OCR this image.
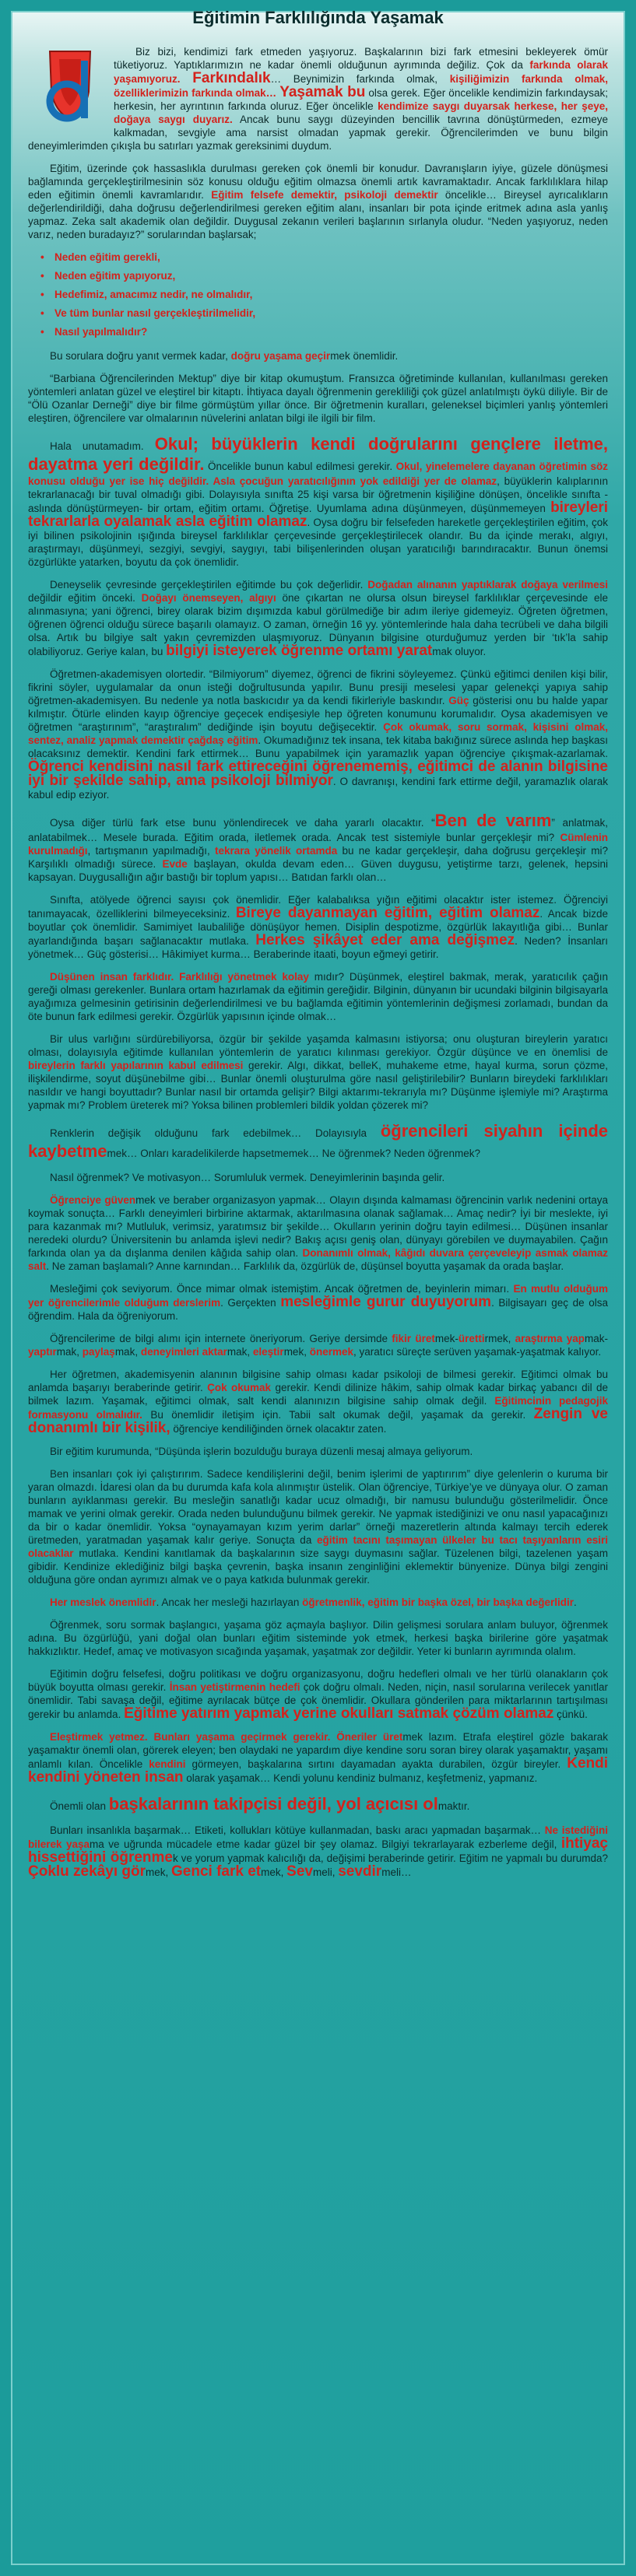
Eğitimin Farklılığında Yaşamak

Biz bizi, kendimizi fark etmeden yaşıyoruz. Başkalarının bizi fark etmesini bekleyerek ömür tüketiyoruz. Yaptıklarımızın ne kadar önemli olduğunun ayrımında değiliz. Çok da farkında olarak yaşamıyoruz. Farkındalık… Beynimizin farkında olmak, kişiliğimizin farkında olmak, özelliklerimizin farkında olmak… Yaşamak bu olsa gerek. Eğer öncelikle kendimizin farkındaysak; herkesin, her ayrıntının farkında oluruz. Eğer öncelikle kendimize saygı duyarsak herkese, her şeye, doğaya saygı duyarız. Ancak bunu saygı düzeyinden bencillik tavrına dönüştürmeden, ezmeye kalkmadan, sevgiyle ama narsist olmadan yapmak gerekir. Öğrencilerimden ve bunu bilgin deneyimlerimden çıkışla bu satırları yazmak gereksinimi duydum.

Eğitim, üzerinde çok hassaslıkla durulması gereken çok önemli bir konudur. Davranışların iyiye, güzele dönüşmesi bağlamında gerçekleştirilmesinin söz konusu olduğu eğitim olmazsa önemli artık kavramaktadır. Ancak farklılıklara hilap eden eğitimin önemli kavramlarıdır. Eğitim felsefe demektir, psikoloji demektir öncelikle… Bireysel ayrıcalıkların değerlendirildiği, daha doğrusu değerlendirilmesi gereken eğitim alanı, insanları bir pota içinde eritmek adına asla yanlış yapmaz. Zeka salt akademik olan değildir. Duygusal zekanın verileri başlarının sırlanyla oludur. “Neden yaşıyoruz, neden varız, neden buradayız?” sorularından başlarsak;

• Neden eğitim gerekli,
• Neden eğitim yapıyoruz,
• Hedefimiz, amacımız nedir, ne olmalıdır,
• Ve tüm bunlar nasıl gerçekleştirilmelidir,
• Nasıl yapılmalıdır?

Bu sorulara doğru yanıt vermek kadar, doğru yaşama geçirmek önemlidir.

“Barbiana Öğrencilerinden Mektup” diye bir kitap okumuştum. Fransızca öğretiminde kullanılan, kullanılması gereken yöntemleri anlatan güzel ve eleştirel bir kitaptı. İhtiyaca dayalı öğrenmenin gerekliliği çok güzel anlatılmıştı öykü diliyle. Bir de “Ölü Ozanlar Derneği” diye bir filme görmüştüm yıllar önce. Bir öğretmenin kuralları, geleneksel biçimleri yanlış yöntemleri eleştiren, öğrencilere var olmalarının nüvelerini anlatan bilgi ile ilgili bir film.

Hala unutamadım. Okul; büyüklerin kendi doğrularını gençlere iletme, dayatma yeri değildir. Öncelikle bunun kabul edilmesi gerekir. Okul, yinelemelere dayanan öğretimin söz konusu olduğu yer ise hiç değildir. Asla çocuğun yaratıcılığının yok edildiği yer de olamaz, büyüklerin kalıplarının tekrarlanacağı bir tuval olmadığı gibi. Dolayısıyla sınıfta 25 kişi varsa bir öğretmenin kişiliğine dönüşen, öncelikle sınıfta -aslında dönüştürmeyen- bir ortam, eğitim ortamı. Öğretişe. Uyumlama adına düşünmeyen, düşünmemeyen bireyleri tekrarlarla oyalamak asla eğitim olamaz. Oysa doğru bir felsefeden hareketle gerçekleştirilen eğitim, çok iyi bilinen psikolojinin ışığında bireysel farklılıklar çerçevesinde gerçekleştirilecek olandır. Bu da içinde merakı, algıyı, araştırmayı, düşünmeyi, sezgiyi, sevgiyi, saygıyı, tabi bilişenlerinden oluşan yaratıcılığı barındıracaktır. Bunun önemsi özgürlükte yatarken, boyutu da çok önemlidir.

Deneyselik çevresinde gerçekleştirilen eğitimde bu çok değerlidir. Doğadan alınanın yaptıklarak doğaya verilmesi değildir eğitim önceki. Doğayı önemseyen, algıyı öne çıkartan ne olursa olsun bireysel farklılıklar çerçevesinde ele alınmasıyna; yani öğrenci, birey olarak bizim dışımızda kabul görülmediğe bir adım ileriye gidemeyiz. Öğreten öğretmen, öğrenen öğrenci olduğu sürece başarılı olamayız. O zaman, örneğin 16 yy. yöntemlerinde hala daha tecrübeli ve daha bilgili olsa. Artık bu bilgiye salt yakın çevremizden ulaşmıyoruz. Dünyanın bilgisine oturduğumuz yerden bir ‘tık’la sahip olabiliyoruz. Geriye kalan, bu bilgiyi isteyerek öğrenme ortamı yaratmak oluyor.

Öğretmen-akademisyen olortedir. “Bilmiyorum” diyemez, öğrenci de fikrini söyleyemez. Çünkü eğitimci denilen kişi bilir, fikrini söyler, uygulamalar da onun isteği doğrultusunda yapılır. Bunu presiji meselesi yapar gelenekçi yapıya sahip öğretmen-akademisyen. Bu nedenle ya notla baskıcıdır ya da kendi fikirleriyle baskındır. Güç gösterisi onu bu halde yapar kılmıştır. Ötürle elinden kayıp öğrenciye geçecek endişesiyle hep öğreten konumunu korumalıdır. Oysa akademisyen ve öğretmen “araştırınım”, “araştıralım” dediğinde işin boyutu değişecektir. Çok okumak, soru sormak, kişisini olmak, sentez, analiz yapmak demektir çağdaş eğitim. Okumadığınız tek insana, tek kitaba bakığınız sürece aslında hep başkası olacaksınız demektir. Kendini fark ettirmek… Bunu yapabilmek için yaramazlık yapan öğrenciye çıkışmak-azarlamak. Öğrenci kendisini nasıl fark ettireceğini öğrenememiş, eğitimci de alanın bilgisine iyi bir şekilde sahip, ama psikoloji bilmiyor. O davranışı, kendini fark ettirme değil, yaramazlık olarak kabul edip eziyor.

Oysa diğer türlü fark etse bunu yönlendirecek ve daha yararlı olacaktır. “Ben de varım” anlatmak, anlatabilmek… Mesele burada. Eğitim orada, iletlemek orada. Ancak test sistemiyle bunlar gerçekleşir mi? Cümlenin kurulmadığı, tartışmanın yapılmadığı, tekrara yönelik ortamda bu ne kadar gerçekleşir, daha doğrusu gerçekleşir mi? Karşılıklı olmadığı sürece. Evde başlayan, okulda devam eden… Güven duygusu, yetiştirme tarzı, gelenek, hepsini kapsayan. Duygusallığın ağır bastığı bir toplum yapısı… Batıdan farklı olan…

Sınıfta, atölyede öğrenci sayısı çok önemlidir. Eğer kalabalıksa yığın eğitimi olacaktır ister istemez. Öğrenciyi tanımayacak, özelliklerini bilmeyeceksiniz. Bireye dayanmayan eğitim, eğitim olamaz. Ancak bizde boyutlar çok önemlidir. Samimiyet laubaliliğe dönüşüyor hemen. Disiplin despotizme, özgürlük lakayıtlığa gibi… Bunlar ayarlandığında başarı sağlanacaktır mutlaka. Herkes şikâyet eder ama değişmez. Neden? İnsanları yönetmek… Güç gösterisi… Hâkimiyet kurma… Beraberinde itaati, boyun eğmeyi getirir.

Düşünen insan farklıdır. Farklılığı yönetmek kolay mıdır? Düşünmek, eleştirel bakmak, merak, yaratıcılık çağın gereği olması gerekenler. Bunlara ortam hazırlamak da eğitimin gereğidir. Bilginin, dünyanın bir ucundaki bilginin bilgisayarla ayağımıza gelmesinin getirisinin değerlendirilmesi ve bu bağlamda eğitimin yöntemlerinin değişmesi zorlamadı, bundan da öte bunun fark edilmesi gerekir. Özgürlük yapısının içinde olmak…

Bir ulus varlığını sürdürebiliyorsa, özgür bir şekilde yaşamda kalmasını istiyorsa; onu oluşturan bireylerin yaratıcı olması, dolayısıyla eğitimde kullanılan yöntemlerin de yaratıcı kılınması gerekiyor. Özgür düşünce ve en önemlisi de bireylerin farklı yapılarının kabul edilmesi gerekir. Algı, dikkat, belleK, muhakeme etme, hayal kurma, sorun çözme, ilişkilendirme, soyut düşünebilme gibi… Bunlar önemli oluşturulma göre nasıl geliştirilebilir? Bunların bireydeki farklılıkları nasıldır ve hangi boyuttadır? Bunlar nasıl bir ortamda gelişir? Bilgi aktarımı-tekrarıyla mı? Düşünme işlemiyle mi? Araştırma yapmak mı? Problem üreterek mi? Yoksa bilinen problemleri bildik yoldan çözerek mi?

Renklerin değişik olduğunu fark edebilmek… Dolayısıyla öğrencileri siyahın içinde kaybetmemek… Onları karadelikilerde hapsetmemek… Ne öğrenmek? Neden öğrenmek?

Nasıl öğrenmek? Ve motivasyon… Sorumluluk vermek. Deneyimlerinin başında gelir.

Öğrenciye güvenmek ve beraber organizasyon yapmak… Olayın dışında kalmaması öğrencinin varlık nedenini ortaya koymak sonuçta… Farklı deneyimleri birbirine aktarmak, aktarılmasına olanak sağlamak… Amaç nedir? İyi bir meslekte, iyi para kazanmak mı? Mutluluk, verimsiz, yaratımsız bir şekilde… Okulların yerinin doğru tayin edilmesi… Düşünen insanlar neredeki olurdu? Üniversitenin bu anlamda işlevi nedir? Bakış açısı geniş olan, dünyayı görebilen ve duymayabilen. Çağın farkında olan ya da dışlanma denilen kâğıda sahip olan. Donanımlı olmak, kâğıdı duvara çerçeveleyip asmak olamaz salt. Ne zaman başlamalı? Anne karnından… Farklılık da, özgürlük de, düşünsel boyutta yaşamak da orada başlar.

Mesleğimi çok seviyorum. Önce mimar olmak istemiştim. Ancak öğretmen de, beyinlerin mimarı. En mutlu olduğum yer öğrencilerimle olduğum derslerim. Gerçekten mesleğimle gurur duyuyorum. Bilgisayarı geç de olsa öğrendim. Hala da öğreniyorum.

Öğrencilerime de bilgi alımı için internete öneriyorum. Geriye dersimde fikir üretmek-ürettirmek, araştırma yapmak-yaptırmak, paylaşmak, deneyimleri aktarmak, eleştirmek, önermek, yaratıcı süreçte serüven yaşamak-yaşatmak kalıyor.

Her öğretmen, akademisyenin alanının bilgisine sahip olması kadar psikoloji de bilmesi gerekir. Eğitimci olmak bu anlamda başarıyı beraberinde getirir. Çok okumak gerekir. Kendi dilinize hâkim, sahip olmak kadar birkaç yabancı dil de bilmek lazım. Yaşamak, eğitimci olmak, salt kendi alanınızın bilgisine sahip olmak değil. Eğitimcinin pedagojik formasyonu olmalıdır. Bu önemlidir iletişim için. Tabii salt okumak değil, yaşamak da gerekir. Zengin ve donanımlı bir kişilik, öğrenciye kendiliğinden örnek olacaktır zaten.

Bir eğitim kurumunda, “Düşünda işlerin bozulduğu buraya düzenli mesaj almaya geliyorum.

Ben insanları çok iyi çalıştırırım. Sadece kendilişlerini değil, benim işlerimi de yaptırırım” diye gelenlerin o kuruma bir yaran olmazdı. İdaresi olan da bu durumda kafa kola alınmıştır üstelik. Olan öğrenciye, Türkiye’ye ve dünyaya olur. O zaman bunların ayıklanması gerekir. Bu mesleğin sanatlığı kadar ucuz olmadığı, bir namusu bulunduğu gösterilmelidir. Önce mamak ve yerini olmak gerekir. Orada neden bulunduğunu bilmek gerekir. Ne yapmak istediğinizi ve onu nasıl yapacağınızı da bir o kadar önemlidir. Yoksa “oynayamayan kızım yerim darlar” örneği mazeretlerin altında kalmayı tercih ederek üretmeden, yaratmadan yaşamak kalır geriye. Sonuçta da eğitim tacını taşımayan ülkeler bu tacı taşıyanların esiri olacaklar mutlaka. Kendini kanıtlamak da başkalarının size saygı duymasını sağlar. Tüzelenen bilgi, tazelenen yaşam gibidir. Kendinize eklediğiniz bilgi başka çevrenin, başka insanın zenginliğini eklemektir bünyenize. Dünya bilgi zengini olduğuna göre ondan ayrımızı almak ve o paya katkıda bulunmak gerekir.

Her meslek önemlidir. Ancak her mesleği hazırlayan öğretmenlik, eğitim bir başka özel, bir başka değerlidir.

Öğrenmek, soru sormak başlangıcı, yaşama göz açmayla başlıyor. Dilin gelişmesi sorulara anlam buluyor, öğrenmek adına. Bu özgürlüğü, yani doğal olan bunları eğitim sisteminde yok etmek, herkesi başka birilerine göre yaşatmak hakkızlıktır. Hedef, amaç ve motivasyon sıcağında yaşamak, yaşatmak zor değildir. Yeter ki bunların ayrımında olalım.

Eğitimin doğru felsefesi, doğru politikası ve doğru organizasyonu, doğru hedefleri olmalı ve her türlü olanakların çok büyük boyutta olması gerekir. İnsan yetiştirmenin hedefi çok doğru olmalı. Neden, niçin, nasıl sorularına verilecek yanıtlar önemlidir. Tabi savaşa değil, eğitime ayrılacak bütçe de çok önemlidir. Okullara gönderilen para miktarlarının tartışılması gerekir bu anlamda. Eğitime yatırım yapmak yerine okulları satmak çözüm olamaz çünkü.

Eleştirmek yetmez. Bunları yaşama geçirmek gerekir. Öneriler üretmek lazım. Etrafa eleştirel gözle bakarak yaşamaktır önemli olan, görerek eleyen; ben olaydaki ne yapardım diye kendine soru soran birey olarak yaşamaktır, yaşamı anlamlı kılan. Öncelikle kendini görmeyen, başkalarına sırtını dayamadan ayakta durabilen, özgür bireyler. Kendi kendini yöneten insan olarak yaşamak… Kendi yolunu kendiniz bulmanız, keşfetmeniz, yapmanız.

Önemli olan başkalarının takipçisi değil, yol açıcısı olmaktır.

Bunları insanlıkla başarmak… Etiketi, kollukları kötüye kullanmadan, baskı aracı yapmadan başarmak… Ne istediğini bilerek yaşama ve uğrunda mücadele etme kadar güzel bir şey olamaz. Bilgiyi tekrarlayarak ezberleme değil, ihtiyaç hissettiğini öğrenmek ve yorum yapmak kalıcılığı da, değişimi beraberinde getirir. Eğitim ne yapmalı bu durumda? Çoklu zekâyı görmek, Genci fark etmek, Sevmeli, sevdirmeli…
